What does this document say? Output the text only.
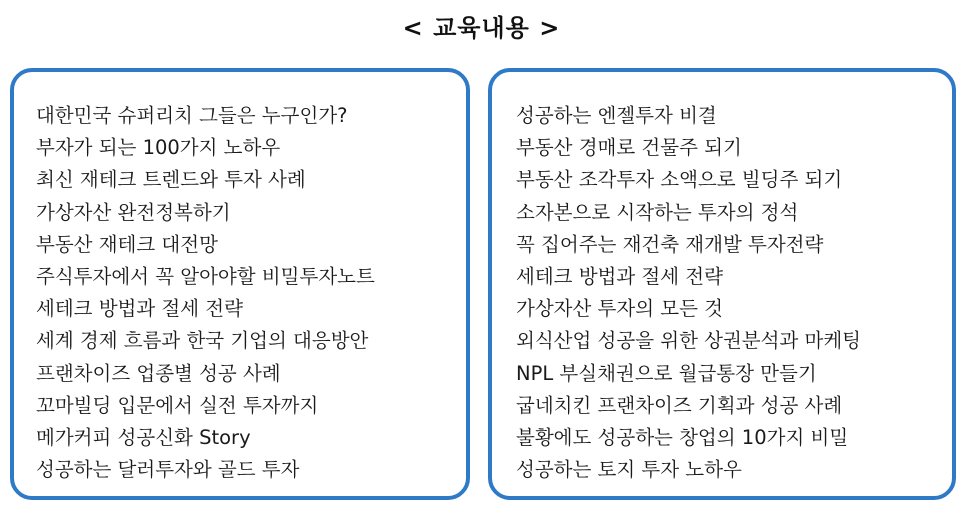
< 교육내용 >
대한민국 슈퍼리치 그들은 누구인가?
부자가 되는 100가지 노하우
최신 재테크 트렌드와 투자 사례
가상자산 완전정복하기
부동산 재테크 대전망
주식투자에서 꼭 알아야할 비밀투자노트
세테크 방법과 절세 전략
세계 경제 흐름과 한국 기업의 대응방안
프랜차이즈 업종별 성공 사례
꼬마빌딩 입문에서 실전 투자까지
메가커피 성공신화 Story
성공하는 달러투자와 골드 투자
성공하는 엔젤투자 비결
부동산 경매로 건물주 되기
부동산 조각투자 소액으로 빌딩주 되기
소자본으로 시작하는 투자의 정석
꼭 집어주는 재건축 재개발 투자전략
세테크 방법과 절세 전략
가상자산 투자의 모든 것
외식산업 성공을 위한 상권분석과 마케팅
NPL 부실채권으로 월급통장 만들기
굽네치킨 프랜차이즈 기획과 성공 사례
불황에도 성공하는 창업의 10가지 비밀
성공하는 토지 투자 노하우
